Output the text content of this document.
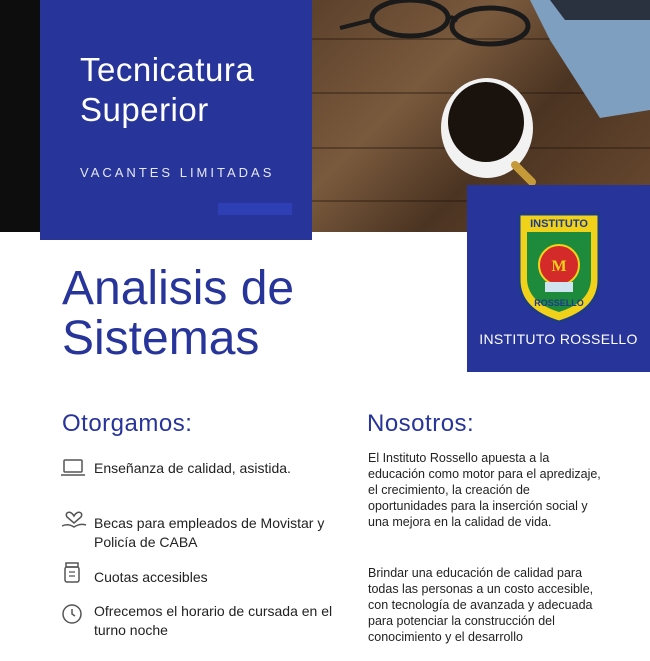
Tecnicatura Superior
VACANTES LIMITADAS
INSTITUTO
M
ROSSELLO
INSTITUTO ROSSELLO
Analisis de Sistemas
Otorgamos:
Enseñanza de calidad, asistida.
Becas para empleados de Movistar y Policía de CABA
Cuotas accesibles
Ofrecemos el horario de cursada en el turno noche
Nosotros:

El Instituto Rossello apuesta a la educación como motor para el apredizaje, el crecimiento, la creación de oportunidades para la inserción social y una mejora en la calidad de vida.

Brindar una educación de calidad para todas las personas a un costo accesible, con tecnología de avanzada y adecuada para potenciar la construcción del conocimiento y el desarrollo
